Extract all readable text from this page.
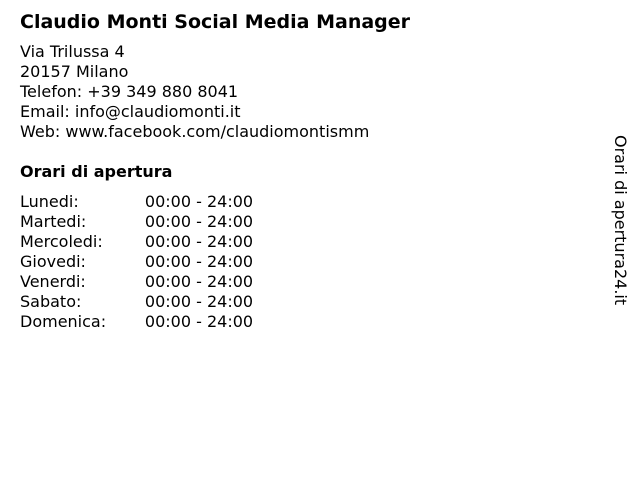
Claudio Monti Social Media Manager
Via Trilussa 4
20157 Milano
Telefon: +39 349 880 8041
Email: info@claudiomonti.it
Web: www.facebook.com/claudiomontismm
Orari di apertura
Lunedi:	00:00 - 24:00
Martedi:	00:00 - 24:00
Mercoledi:	00:00 - 24:00
Giovedi:	00:00 - 24:00
Venerdi:	00:00 - 24:00
Sabato:	00:00 - 24:00
Domenica:	00:00 - 24:00
Orari di apertura24.it
